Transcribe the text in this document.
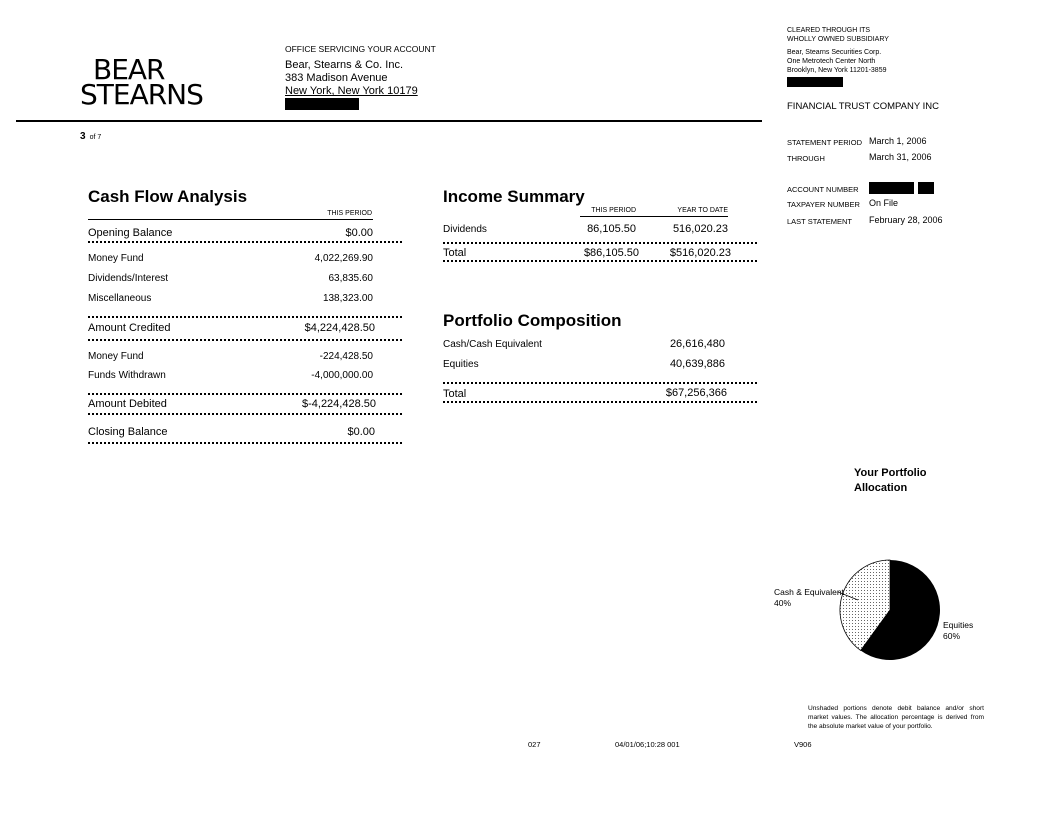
BEAR
STEARNS
OFFICE SERVICING YOUR ACCOUNT
Bear, Stearns & Co. Inc.
383 Madison Avenue
New York, New York 10179
CLEARED THROUGH ITS
WHOLLY OWNED SUBSIDIARY
Bear, Stearns Securities Corp.
One Metrotech Center North
Brooklyn, New York 11201-3859
FINANCIAL TRUST COMPANY INC
3 of 7
STATEMENT PERIOD March 1, 2006
THROUGH	March 31, 2006
ACCOUNT NUMBER
TAXPAYER NUMBER On File
LAST STATEMENT February 28, 2006
Cash Flow Analysis
THIS PERIOD
Opening Balance	$0.00
Money Fund	4,022,269.90
Dividends/Interest	63,835.60
Miscellaneous	138,323.00
Amount Credited	$4,224,428.50
Money Fund	-224,428.50
Funds Withdrawn	-4,000,000.00
Amount Debited	$-4,224,428.50
Closing Balance	$0.00
Income Summary
THIS PERIOD	YEAR TO DATE
Dividends	86,105.50	516,020.23
Total	$86,105.50	$516,020.23
Portfolio Composition
Cash/Cash Equivalent	26,616,480
Equities	40,639,886
Total	$67,256,366
Your Portfolio
Allocation
Cash & Equivalent
40%
Equities
60%
Unshaded portions denote debit balance and/or short market values. The allocation percentage is derived from the absolute market value of your portfolio.
027	04/01/06;10:28 001	V906
